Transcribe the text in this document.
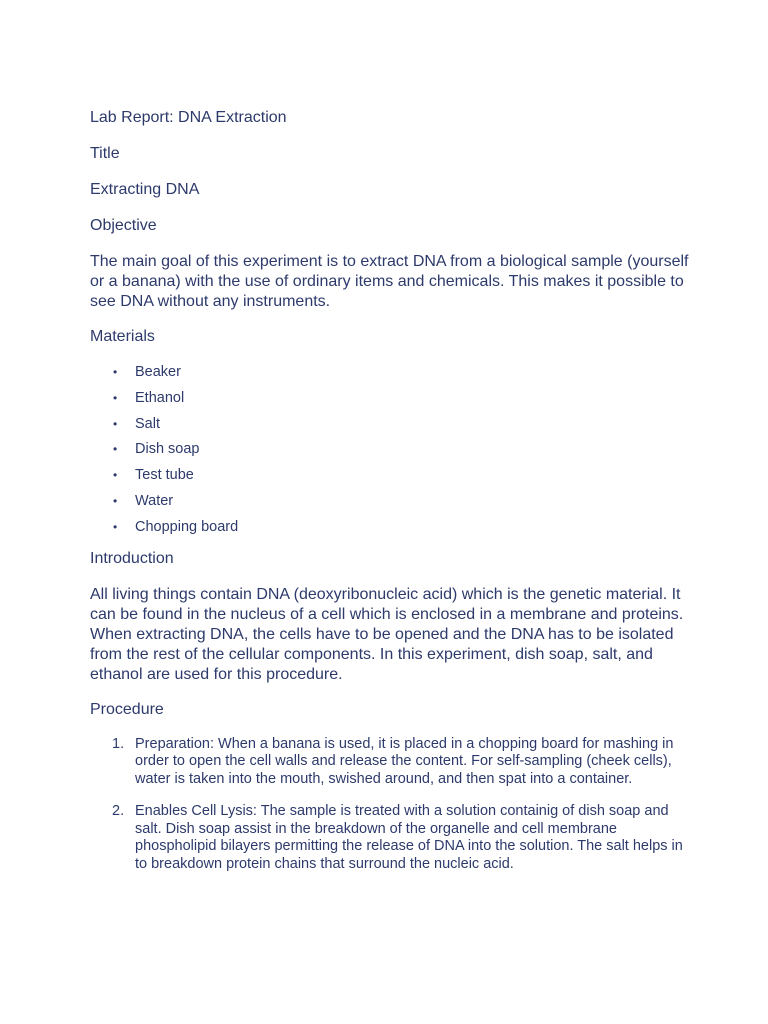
Lab Report: DNA Extraction
Title
Extracting DNA
Objective
The main goal of this experiment is to extract DNA from a biological sample (yourself or a banana) with the use of ordinary items and chemicals. This makes it possible to see DNA without any instruments.
Materials
• Beaker
• Ethanol
• Salt
• Dish soap
• Test tube
• Water
• Chopping board
Introduction
All living things contain DNA (deoxyribonucleic acid) which is the genetic material. It can be found in the nucleus of a cell which is enclosed in a membrane and proteins. When extracting DNA, the cells have to be opened and the DNA has to be isolated from the rest of the cellular components. In this experiment, dish soap, salt, and ethanol are used for this procedure.
Procedure
1. Preparation: When a banana is used, it is placed in a chopping board for mashing in order to open the cell walls and release the content. For self-sampling (cheek cells), water is taken into the mouth, swished around, and then spat into a container.
2. Enables Cell Lysis: The sample is treated with a solution containig of dish soap and salt. Dish soap assist in the breakdown of the organelle and cell membrane phospholipid bilayers permitting the release of DNA into the solution. The salt helps in to breakdown protein chains that surround the nucleic acid.
